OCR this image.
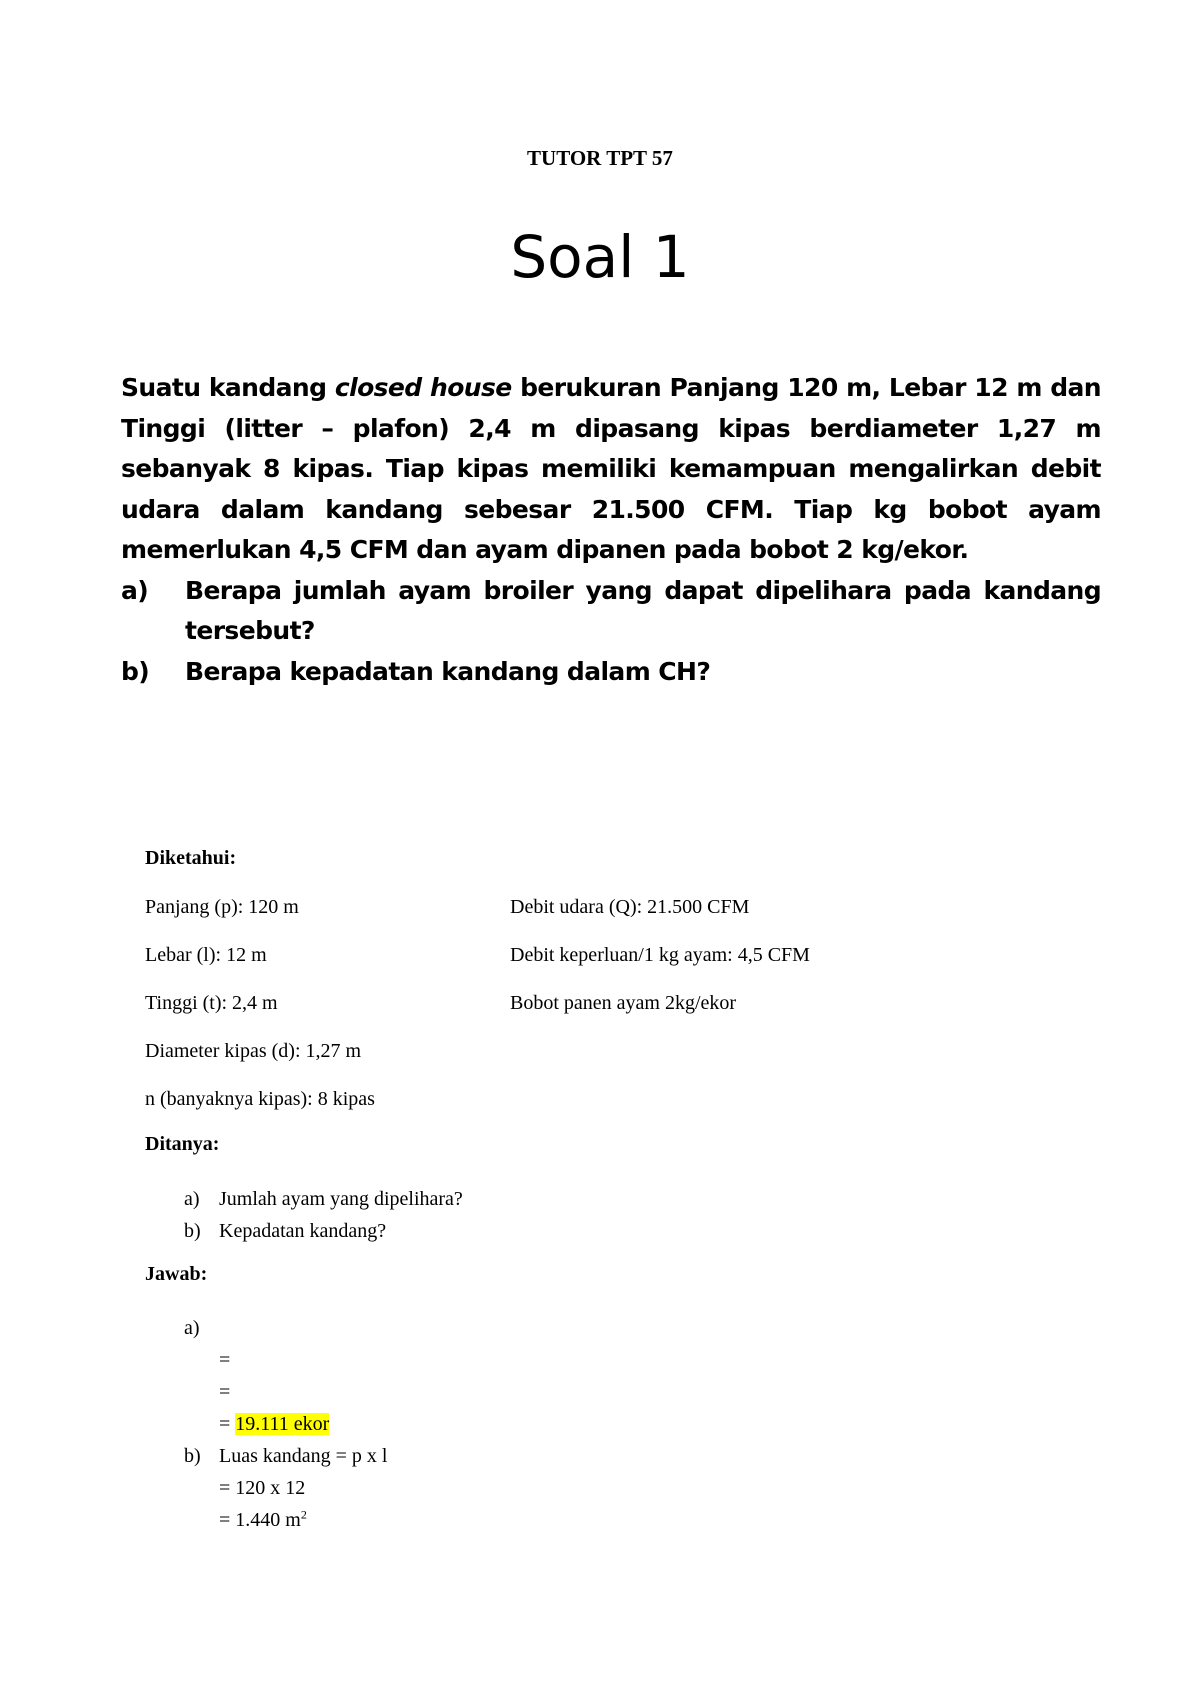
TUTOR TPT 57
Soal 1
Suatu kandang closed house berukuran Panjang 120 m, Lebar 12 m dan Tinggi (litter – plafon) 2,4 m dipasang kipas berdiameter 1,27 m sebanyak 8 kipas. Tiap kipas memiliki kemampuan mengalirkan debit udara dalam kandang sebesar 21.500 CFM. Tiap kg bobot ayam memerlukan 4,5 CFM dan ayam dipanen pada bobot 2 kg/ekor.
a)	Berapa jumlah ayam broiler yang dapat dipelihara pada kandang tersebut?
b)	Berapa kepadatan kandang dalam CH?
Diketahui:
Panjang (p): 120 m
Lebar (l): 12 m
Tinggi (t): 2,4 m
Diameter kipas (d): 1,27 m
n (banyaknya kipas): 8 kipas
Debit udara (Q): 21.500 CFM
Debit keperluan/1 kg ayam: 4,5 CFM
Bobot panen ayam 2kg/ekor
Ditanya:
a) Jumlah ayam yang dipelihara?
b) Kepadatan kandang?
Jawab:
a)
=
=
= 19.111 ekor
b) Luas kandang = p x l
= 120 x 12
= 1.440 $m^2$
